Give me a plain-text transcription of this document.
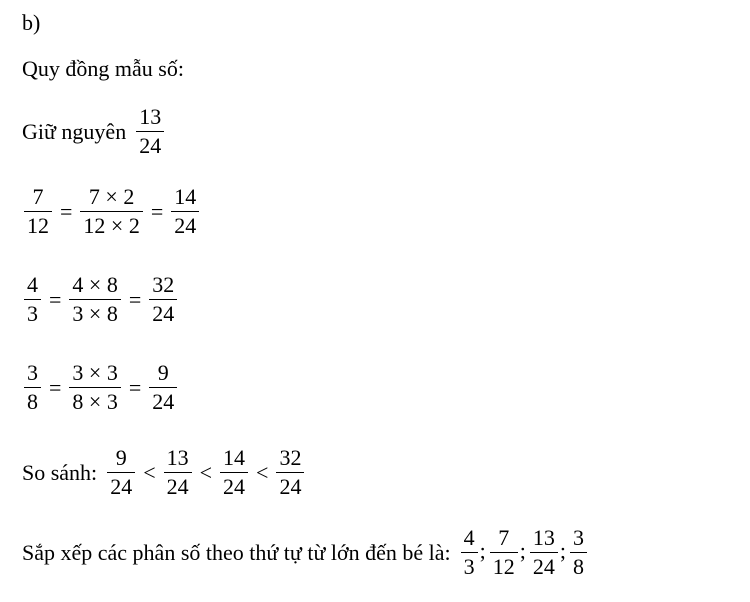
b)
Quy đồng mẫu số:
Giữ nguyên $\frac{13}{24}$
$\frac{7}{12} = \frac{7 \times 2}{12 \times 2} = \frac{14}{24}$
$\frac{4}{3} = \frac{4 \times 8}{3 \times 8} = \frac{32}{24}$
$\frac{3}{8} = \frac{3 \times 3}{8 \times 3} = \frac{9}{24}$
So sánh: $\frac{9}{24} < \frac{13}{24} < \frac{14}{24} < \frac{32}{24}$
Sắp xếp các phân số theo thứ tự từ lớn đến bé là: $\frac{4}{3}$ ; $\frac{7}{12}$ ; $\frac{13}{24}$ ; $\frac{3}{8}$
